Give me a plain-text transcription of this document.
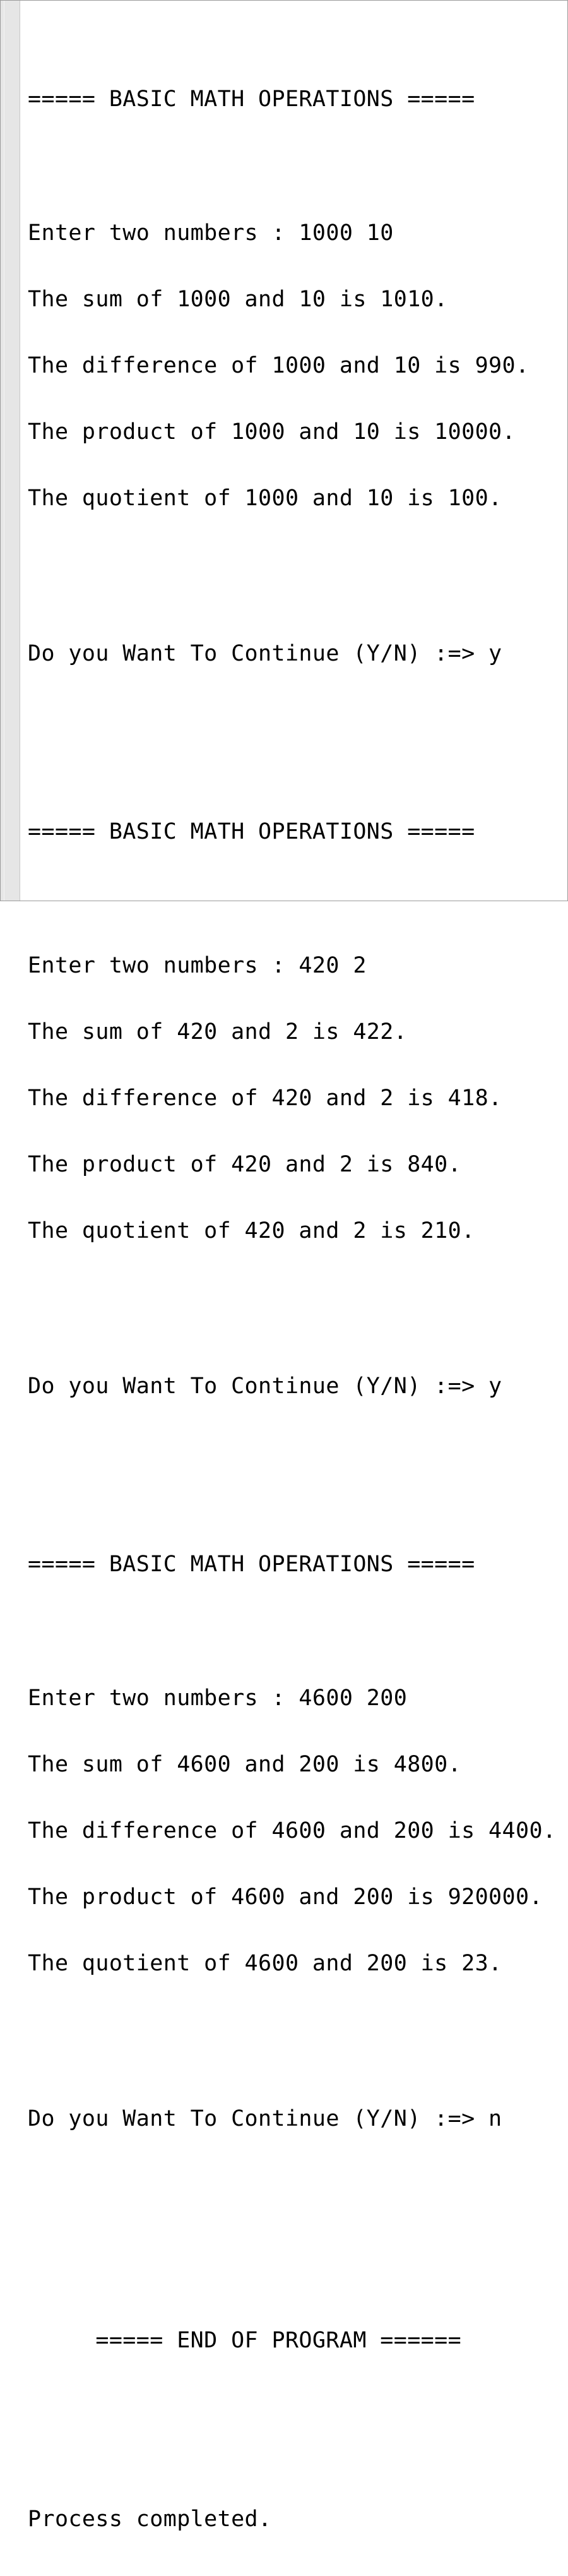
===== BASIC MATH OPERATIONS =====

Enter two numbers : 1000 10

The sum of 1000 and 10 is 1010.

The difference of 1000 and 10 is 990.

The product of 1000 and 10 is 10000.

The quotient of 1000 and 10 is 100.

Do you Want To Continue (Y/N) :=> y

===== BASIC MATH OPERATIONS =====

Enter two numbers : 420 2

The sum of 420 and 2 is 422.

The difference of 420 and 2 is 418.

The product of 420 and 2 is 840.

The quotient of 420 and 2 is 210.

Do you Want To Continue (Y/N) :=> y

===== BASIC MATH OPERATIONS =====

Enter two numbers : 4600 200

The sum of 4600 and 200 is 4800.

The difference of 4600 and 200 is 4400.

The product of 4600 and 200 is 920000.

The quotient of 4600 and 200 is 23.

Do you Want To Continue (Y/N) :=> n

===== END OF PROGRAM ======

Process completed.
